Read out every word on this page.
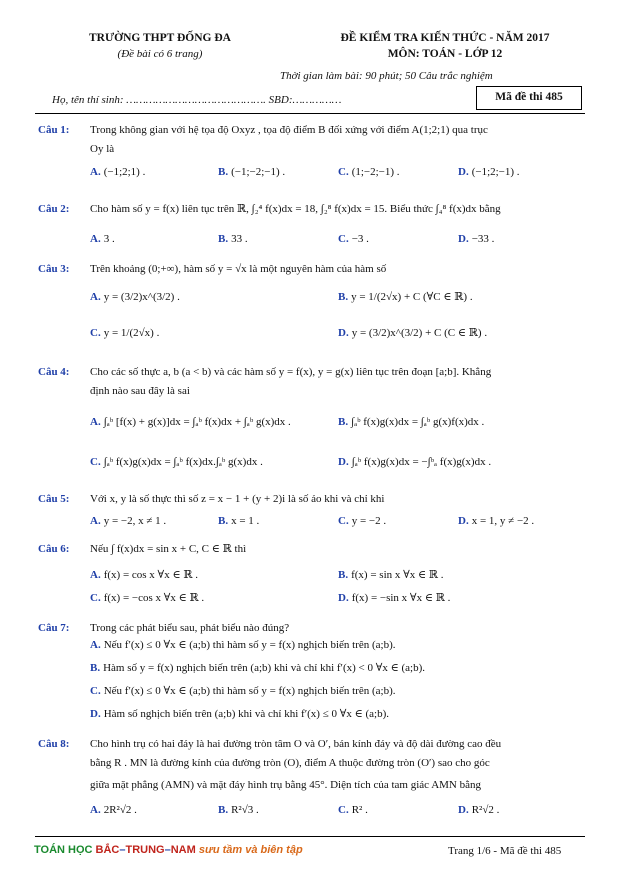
TRƯỜNG THPT ĐỐNG ĐA
(Đề bài có 6 trang)
ĐỀ KIỂM TRA KIẾN THỨC - NĂM 2017
MÔN: TOÁN - LỚP 12
Thời gian làm bài: 90 phút; 50 Câu trắc nghiệm
Họ, tên thí sinh: ……………………………………. SBD:……………	Mã đề thi 485
Câu 1: Trong không gian với hệ tọa độ Oxyz , tọa độ điểm B đối xứng với điểm A(1;2;1) qua trục
Oy là
A. (−1;2;1) .	B. (−1;−2;−1) .	C. (1;−2;−1) .	D. (−1;2;−1) .
Câu 2: Cho hàm số y = f(x) liên tục trên ℝ, ∫₂⁴ f(x)dx = 18, ∫₂⁸ f(x)dx = 15. Biểu thức ∫₄⁸ f(x)dx bằng
A. 3 .	B. 33 .	C. −3 .	D. −33 .
Câu 3: Trên khoảng (0;+∞), hàm số y = √x là một nguyên hàm của hàm số
A. y = (3/2)x^(3/2) .	B. y = 1/(2√x) + C (∀C ∈ ℝ) .
C. y = 1/(2√x) .	D. y = (3/2)x^(3/2) + C (C ∈ ℝ) .
Câu 4: Cho các số thực a, b (a < b) và các hàm số y = f(x), y = g(x) liên tục trên đoạn [a;b]. Khẳng
định nào sau đây là sai
A. ∫ₐᵇ [f(x) + g(x)]dx = ∫ₐᵇ f(x)dx + ∫ₐᵇ g(x)dx .	B. ∫ₐᵇ f(x)g(x)dx = ∫ₐᵇ g(x)f(x)dx .
C. ∫ₐᵇ f(x)g(x)dx = ∫ₐᵇ f(x)dx.∫ₐᵇ g(x)dx .	D. ∫ₐᵇ f(x)g(x)dx = −∫ᵇₐ f(x)g(x)dx .
Câu 5: Với x, y là số thực thì số z = x − 1 + (y + 2)i là số ảo khi và chỉ khi
A. y = −2, x ≠ 1 .	B. x = 1 .	C. y = −2 .	D. x = 1, y ≠ −2 .
Câu 6: Nếu ∫ f(x)dx = sin x + C, C ∈ ℝ thì
A. f(x) = cos x ∀x ∈ ℝ .	B. f(x) = sin x ∀x ∈ ℝ .
C. f(x) = −cos x ∀x ∈ ℝ .	D. f(x) = −sin x ∀x ∈ ℝ .
Câu 7: Trong các phát biểu sau, phát biểu nào đúng?
A. Nếu f′(x) ≤ 0 ∀x ∈ (a;b) thì hàm số y = f(x) nghịch biến trên (a;b).
B. Hàm số y = f(x) nghịch biến trên (a;b) khi và chỉ khi f′(x) < 0 ∀x ∈ (a;b).
C. Nếu f′(x) ≤ 0 ∀x ∈ (a;b) thì hàm số y = f(x) nghịch biến trên (a;b).
D. Hàm số nghịch biến trên (a;b) khi và chỉ khi f′(x) ≤ 0 ∀x ∈ (a;b).
Câu 8: Cho hình trụ có hai đáy là hai đường tròn tâm O và O′, bán kính đáy và độ dài đường cao đều
bằng R . MN là đường kính của đường tròn (O), điểm A thuộc đường tròn (O′) sao cho góc
giữa mặt phẳng (AMN) và mặt đáy hình trụ bằng 45°. Diện tích của tam giác AMN bằng
A. 2R²√2 .	B. R²√3 .	C. R² .	D. R²√2 .
TOÁN HỌC BẮC–TRUNG–NAM sưu tầm và biên tập	Trang 1/6 - Mã đề thi 485
